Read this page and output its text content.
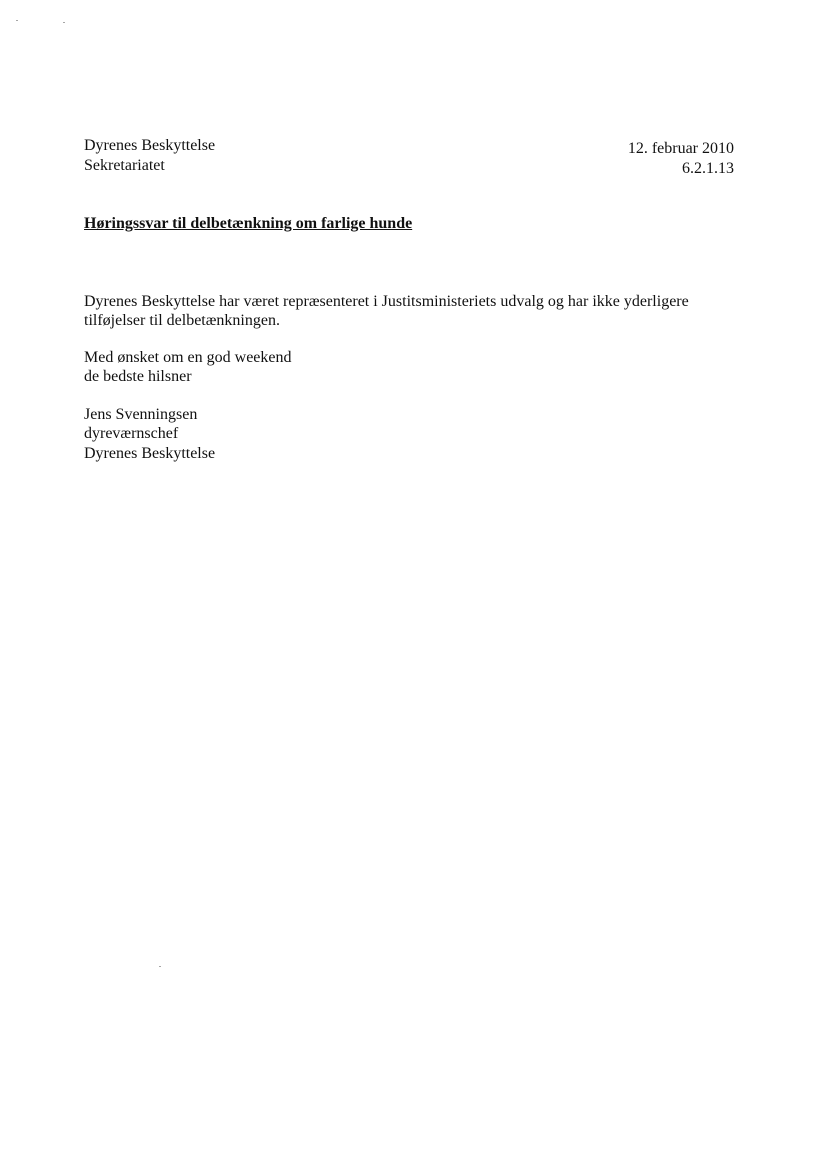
Dyrenes Beskyttelse
Sekretariatet
12. februar 2010
6.2.1.13
Høringssvar til delbetænkning om farlige hunde
Dyrenes Beskyttelse har været repræsenteret i Justitsministeriets udvalg og har ikke yderligere
tilføjelser til delbetænkningen.
Med ønsket om en god weekend
de bedste hilsner
Jens Svenningsen
dyreværnschef
Dyrenes Beskyttelse
